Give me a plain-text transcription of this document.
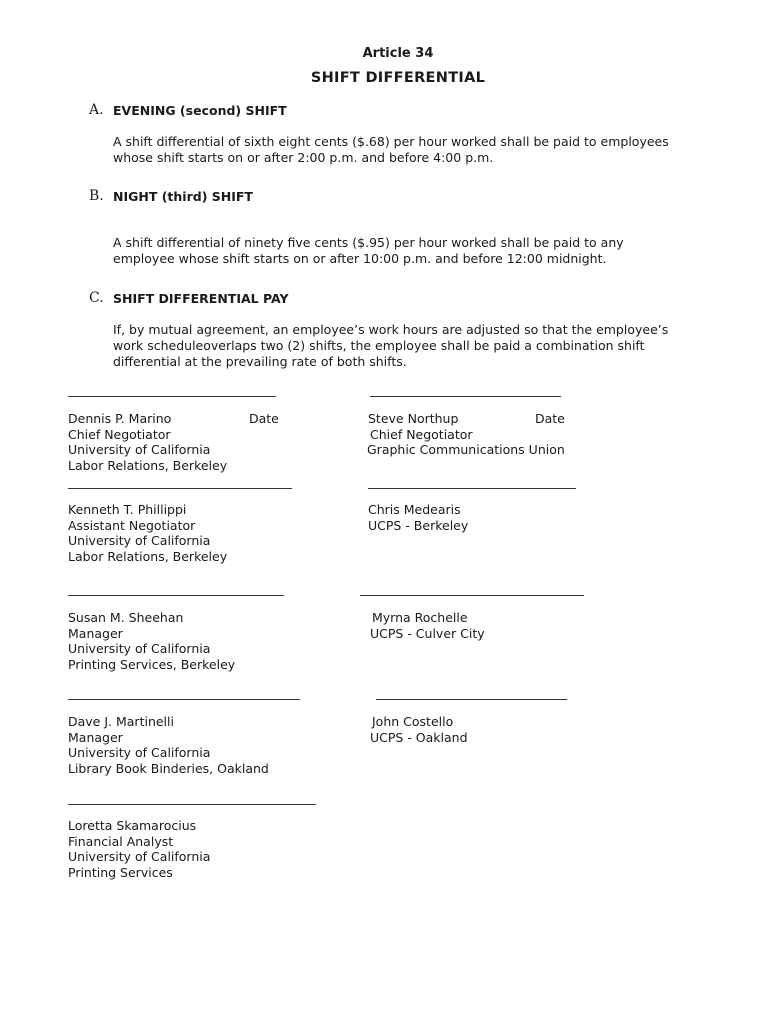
Article 34
SHIFT DIFFERENTIAL
A. EVENING (second) SHIFT
A shift differential of sixth eight cents ($.68) per hour worked shall be paid to employees
whose shift starts on or after 2:00 p.m. and before 4:00 p.m.
B. NIGHT (third) SHIFT
A shift differential of ninety five cents ($.95) per hour worked shall be paid to any
employee whose shift starts on or after 10:00 p.m. and before 12:00 midnight.
C. SHIFT DIFFERENTIAL PAY
If, by mutual agreement, an employee’s work hours are adjusted so that the employee’s
work scheduleoverlaps two (2) shifts, the employee shall be paid a combination shift
differential at the prevailing rate of both shifts.
Dennis P. Marino
Chief Negotiator
University of California
Labor Relations, Berkeley
Date	Steve Northup
Chief Negotiator
Graphic Communications Union
Date
Kenneth T. Phillippi
Assistant Negotiator
University of California
Labor Relations, Berkeley
Chris Medearis
UCPS - Berkeley
Susan M. Sheehan
Manager
University of California
Printing Services, Berkeley
Myrna Rochelle
UCPS - Culver City
Dave J. Martinelli
Manager
University of California
Library Book Binderies, Oakland
John Costello
UCPS - Oakland
Loretta Skamarocius
Financial Analyst
University of California
Printing Services
